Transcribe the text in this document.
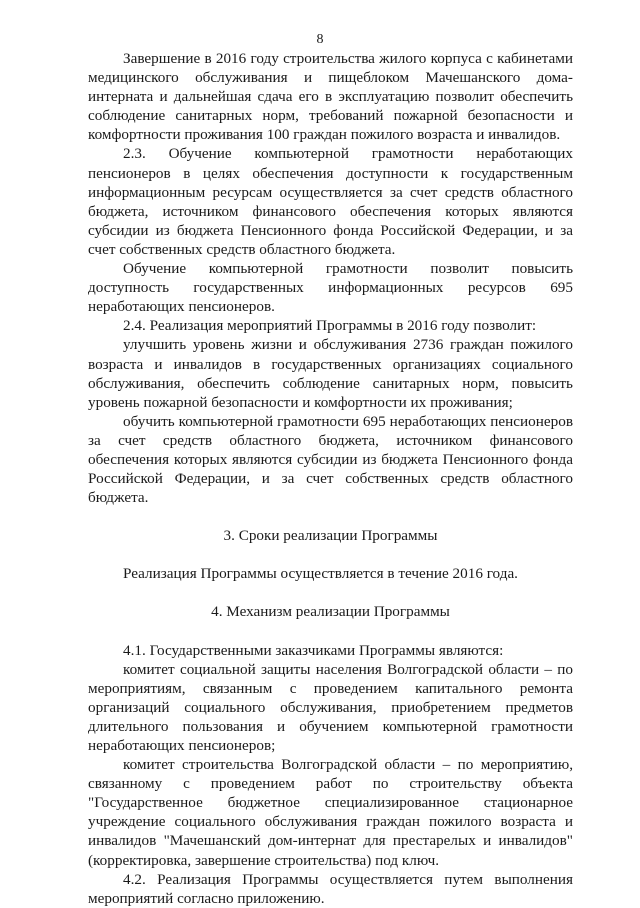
8

Завершение в 2016 году строительства жилого корпуса с кабинетами медицинского обслуживания и пищеблоком Мачешанского дома-интерната и дальнейшая сдача его в эксплуатацию позволит обеспечить соблюдение санитарных норм, требований пожарной безопасности и комфортности проживания 100 граждан пожилого возраста и инвалидов.

2.3. Обучение компьютерной грамотности неработающих пенсионеров в целях обеспечения доступности к государственным информационным ресурсам осуществляется за счет средств областного бюджета, источником финансового обеспечения которых являются субсидии из бюджета Пенсионного фонда Российской Федерации, и за счет собственных средств областного бюджета.

Обучение компьютерной грамотности позволит повысить доступность государственных информационных ресурсов 695 неработающих пенсионеров.

2.4. Реализация мероприятий Программы в 2016 году позволит:

улучшить уровень жизни и обслуживания 2736 граждан пожилого возраста и инвалидов в государственных организациях социального обслуживания, обеспечить соблюдение санитарных норм, повысить уровень пожарной безопасности и комфортности их проживания;

обучить компьютерной грамотности 695 неработающих пенсионеров за счет средств областного бюджета, источником финансового обеспечения которых являются субсидии из бюджета Пенсионного фонда Российской Федерации, и за счет собственных средств областного бюджета.

3. Сроки реализации Программы

Реализация Программы осуществляется в течение 2016 года.

4. Механизм реализации Программы

4.1. Государственными заказчиками Программы являются:

комитет социальной защиты населения Волгоградской области – по мероприятиям, связанным с проведением капитального ремонта организаций социального обслуживания, приобретением предметов длительного пользования и обучением компьютерной грамотности неработающих пенсионеров;

комитет строительства Волгоградской области – по мероприятию, связанному с проведением работ по строительству объекта "Государственное бюджетное специализированное стационарное учреждение социального обслуживания граждан пожилого возраста и инвалидов "Мачешанский дом-интернат для престарелых и инвалидов" (корректировка, завершение строительства) под ключ.

4.2. Реализация Программы осуществляется путем выполнения мероприятий согласно приложению.
